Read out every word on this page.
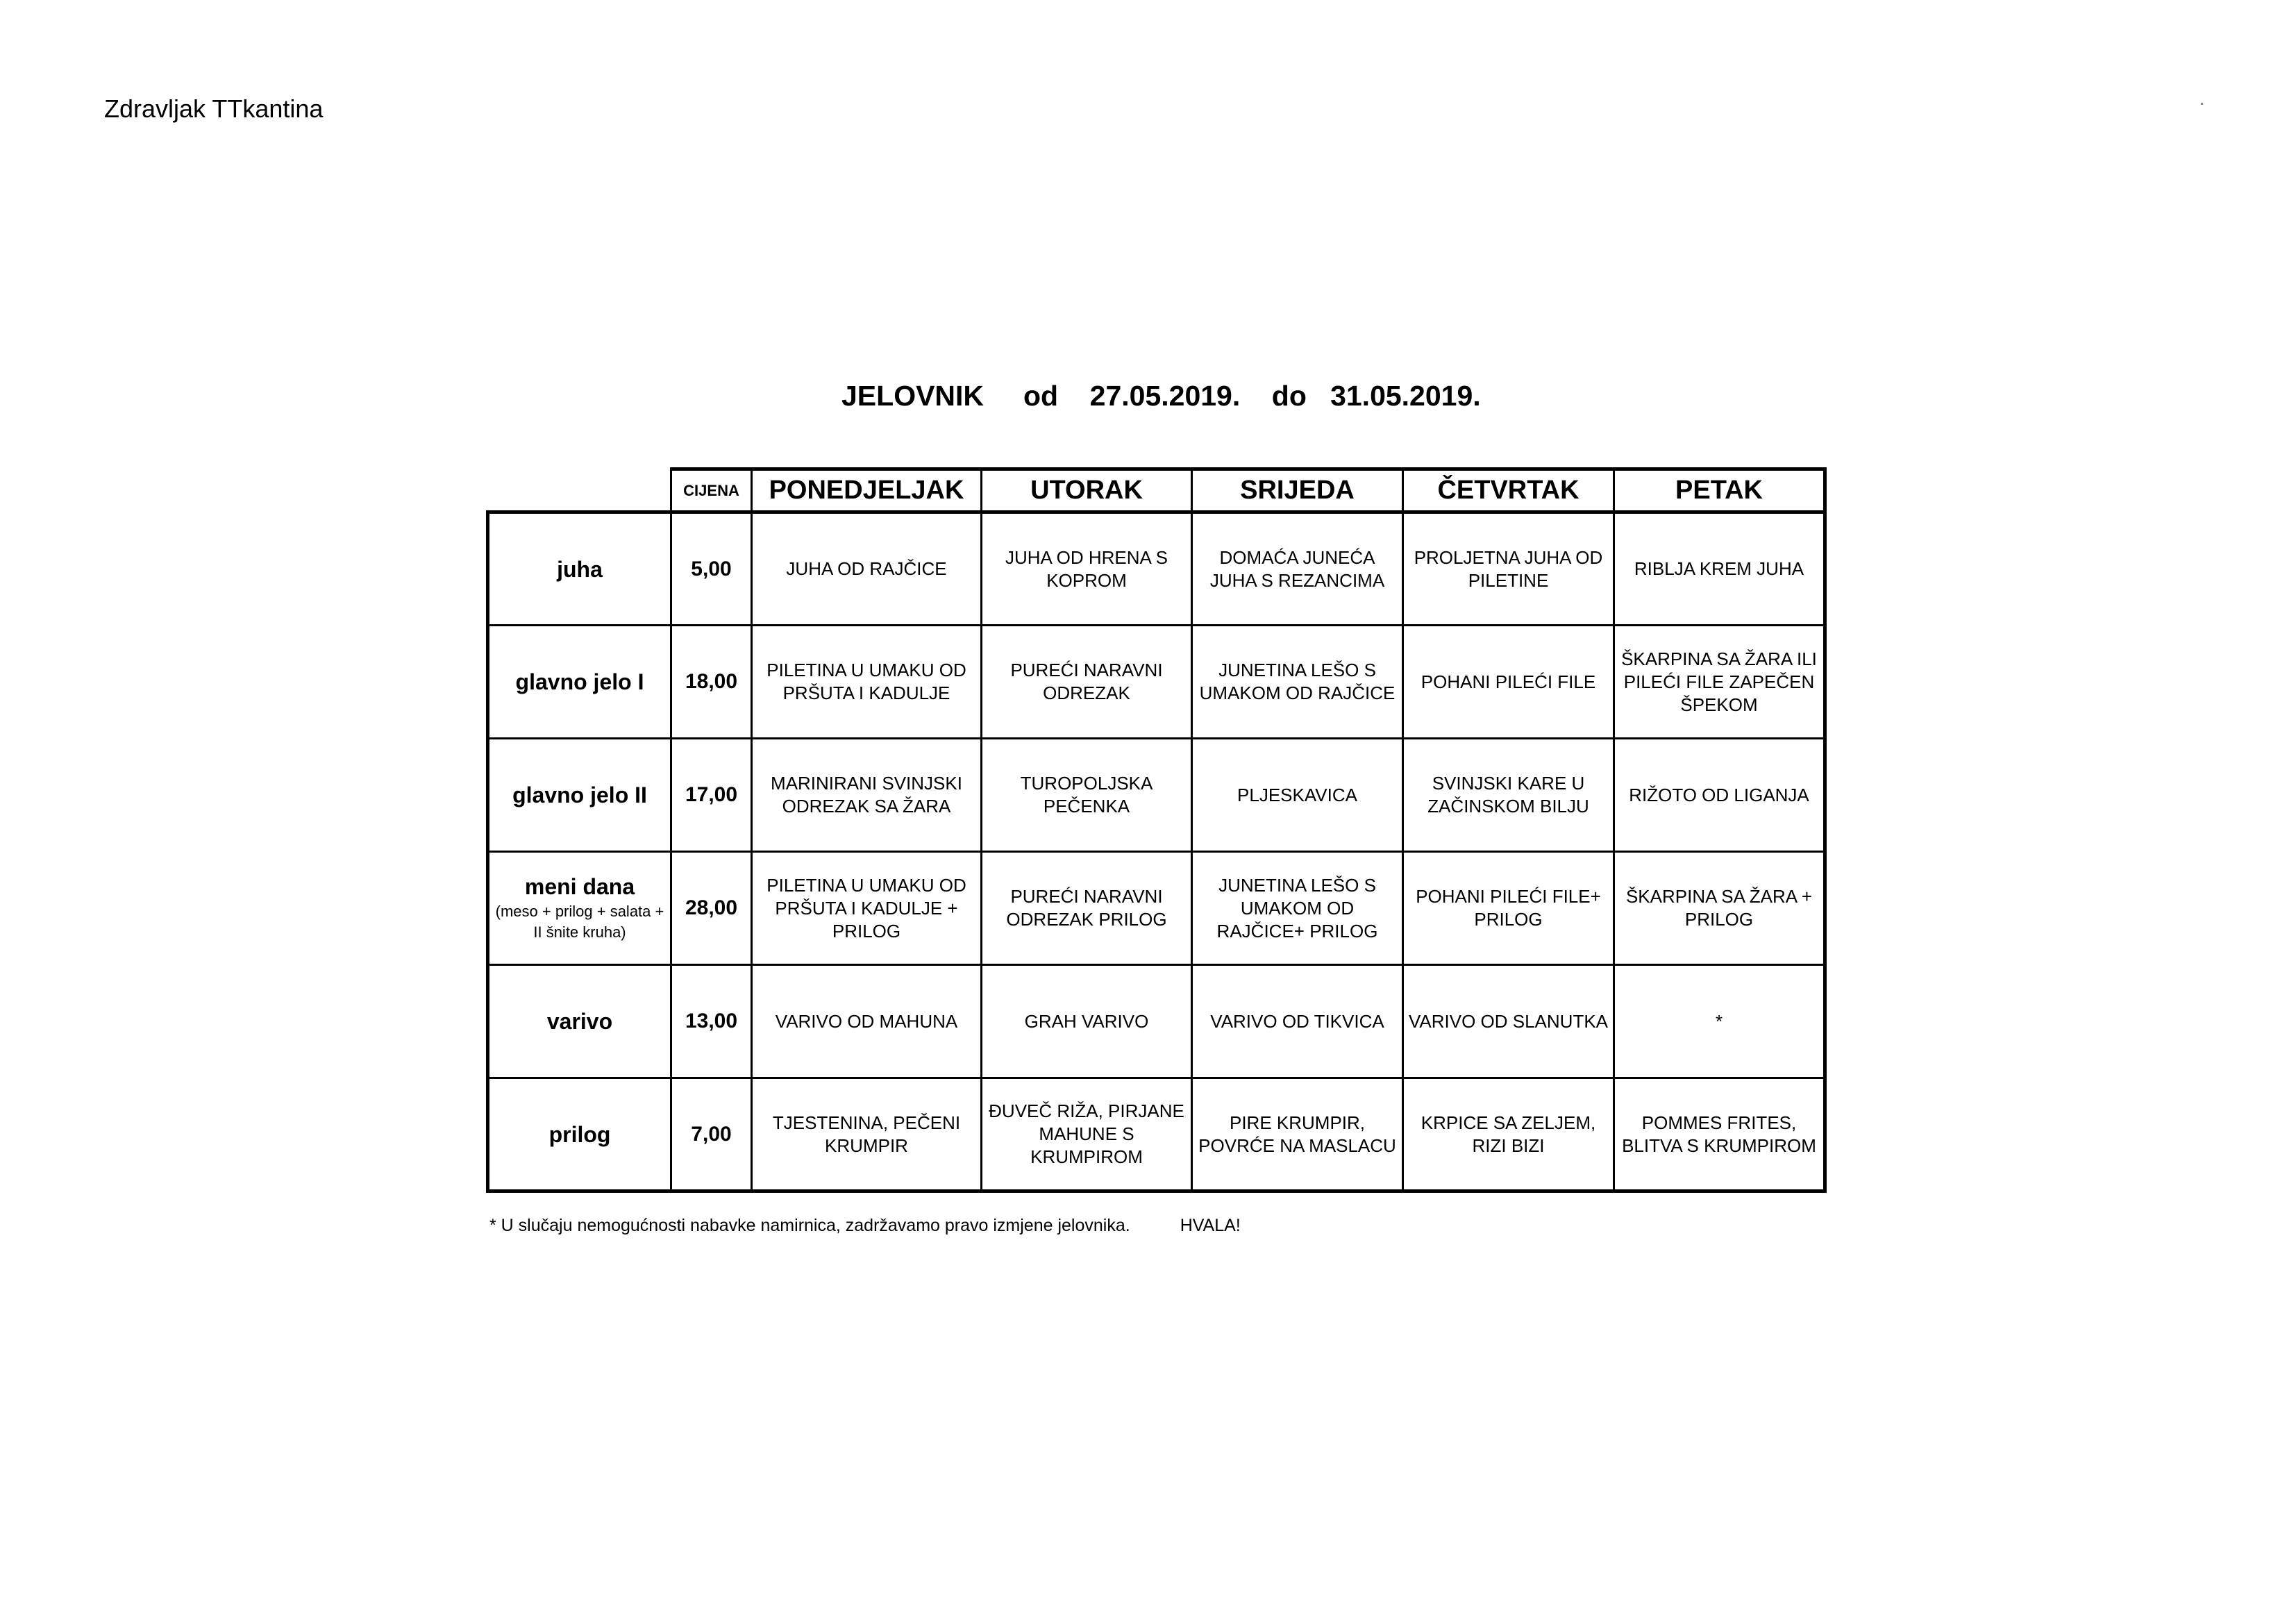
Zdravljak TTkantina
JELOVNIK     od    27.05.2019.    do   31.05.2019.
	CIJENA	PONEDJELJAK	UTORAK	SRIJEDA	ČETVRTAK	PETAK
juha	5,00	JUHA OD RAJČICE	JUHA OD HRENA S KOPROM	DOMAĆA JUNEĆA JUHA S REZANCIMA	PROLJETNA JUHA OD PILETINE	RIBLJA KREM JUHA
glavno jelo I	18,00	PILETINA U UMAKU OD PRŠUTA I KADULJE	PUREĆI NARAVNI ODREZAK	JUNETINA LEŠO S UMAKOM OD RAJČICE	POHANI PILEĆI FILE	ŠKARPINA SA ŽARA ILI PILEĆI FILE ZAPEČEN ŠPEKOM
glavno jelo II	17,00	MARINIRANI SVINJSKI ODREZAK SA ŽARA	TUROPOLJSKA PEČENKA	PLJESKAVICA	SVINJSKI KARE U ZAČINSKOM BILJU	RIŽOTO OD LIGANJA
meni dana
(meso + prilog + salata + II šnite kruha)	28,00	PILETINA U UMAKU OD PRŠUTA I KADULJE + PRILOG	PUREĆI NARAVNI ODREZAK PRILOG	JUNETINA LEŠO S UMAKOM OD RAJČICE+ PRILOG	POHANI PILEĆI FILE+ PRILOG	ŠKARPINA SA ŽARA + PRILOG
varivo	13,00	VARIVO OD MAHUNA	GRAH VARIVO	VARIVO OD TIKVICA	VARIVO OD SLANUTKA	*
prilog	7,00	TJESTENINA, PEČENI KRUMPIR	ĐUVEČ RIŽA, PIRJANE MAHUNE S KRUMPIROM	PIRE KRUMPIR, POVRĆE NA MASLACU	KRPICE SA ZELJEM, RIZI BIZI	POMMES FRITES, BLITVA S KRUMPIROM
* U slučaju nemogućnosti nabavke namirnica, zadržavamo pravo izmjene jelovnika.	HVALA!
